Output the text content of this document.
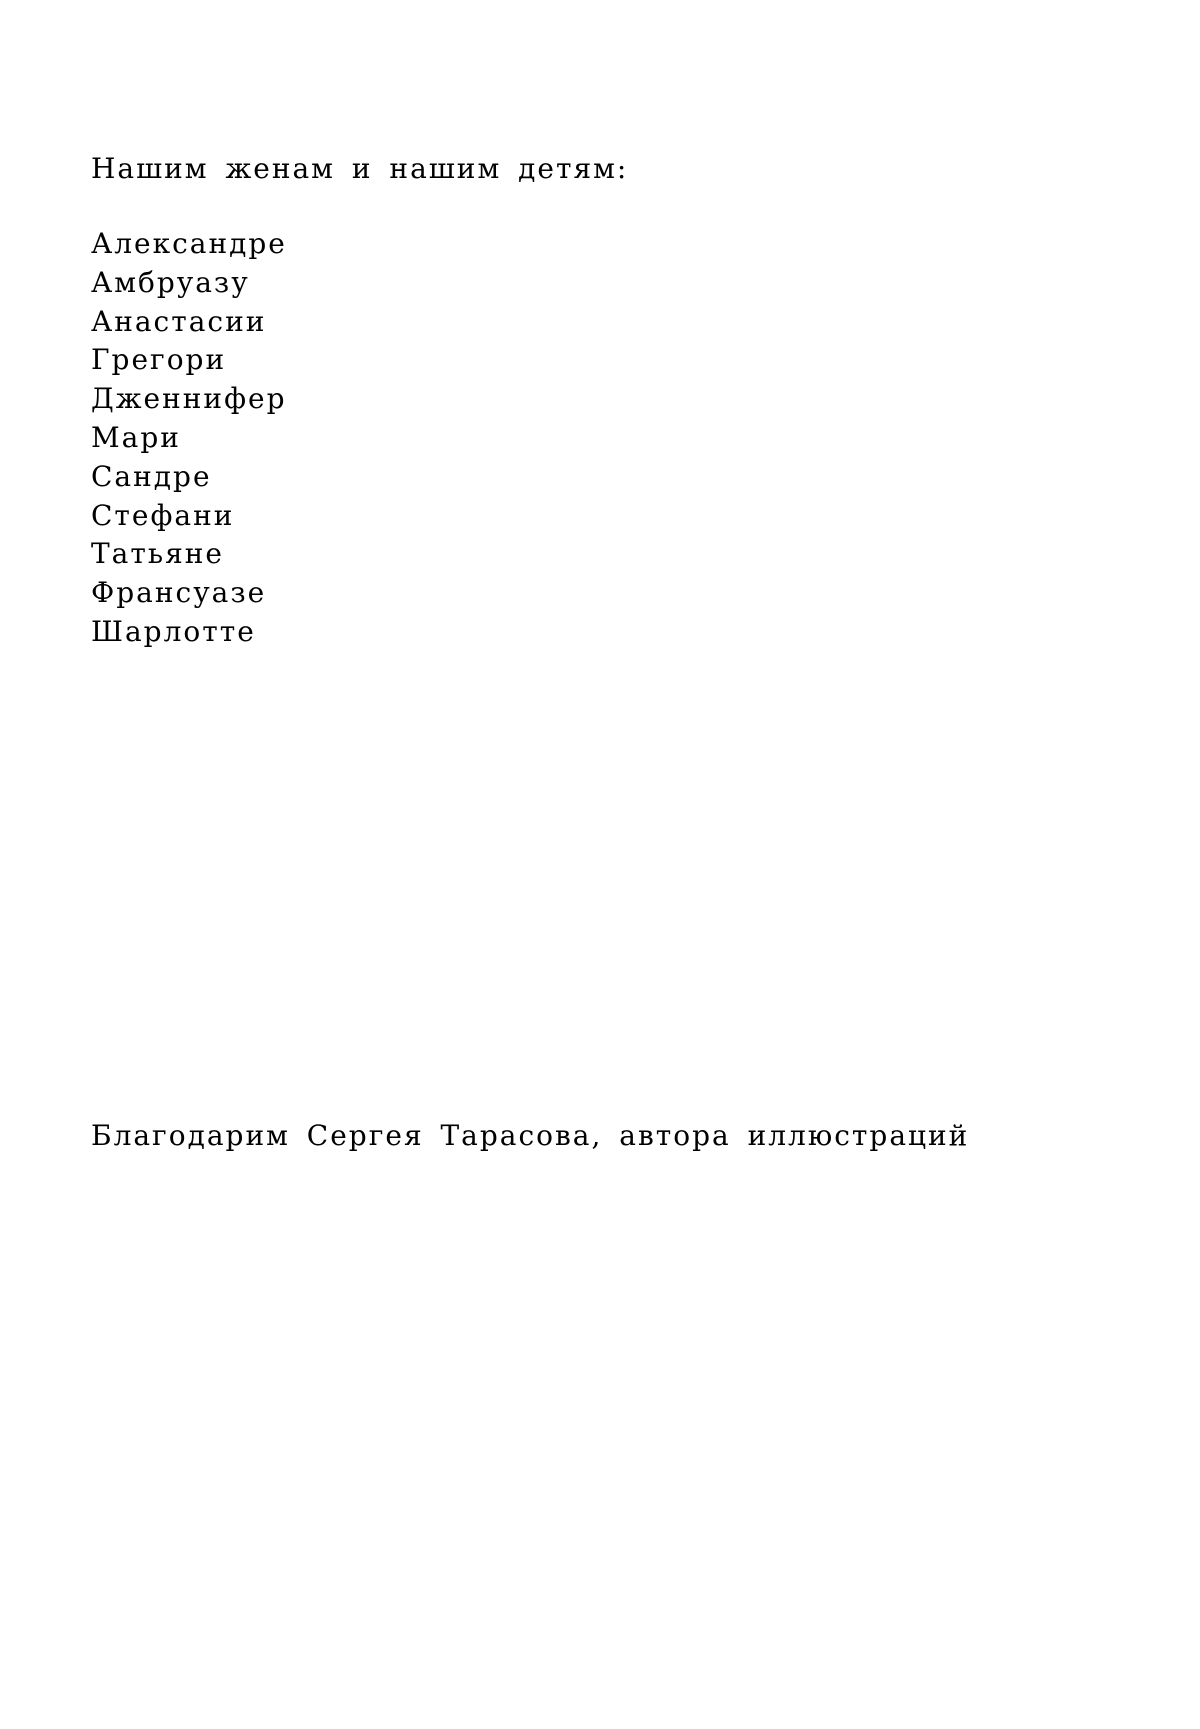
Нашим женам и нашим детям:

Александре
Амбруазу
Анастасии
Грегори
Дженнифер
Мари
Сандре
Стефани
Татьяне
Франсуазе
Шарлотте

Благодарим Сергея Тарасова, автора иллюстраций
